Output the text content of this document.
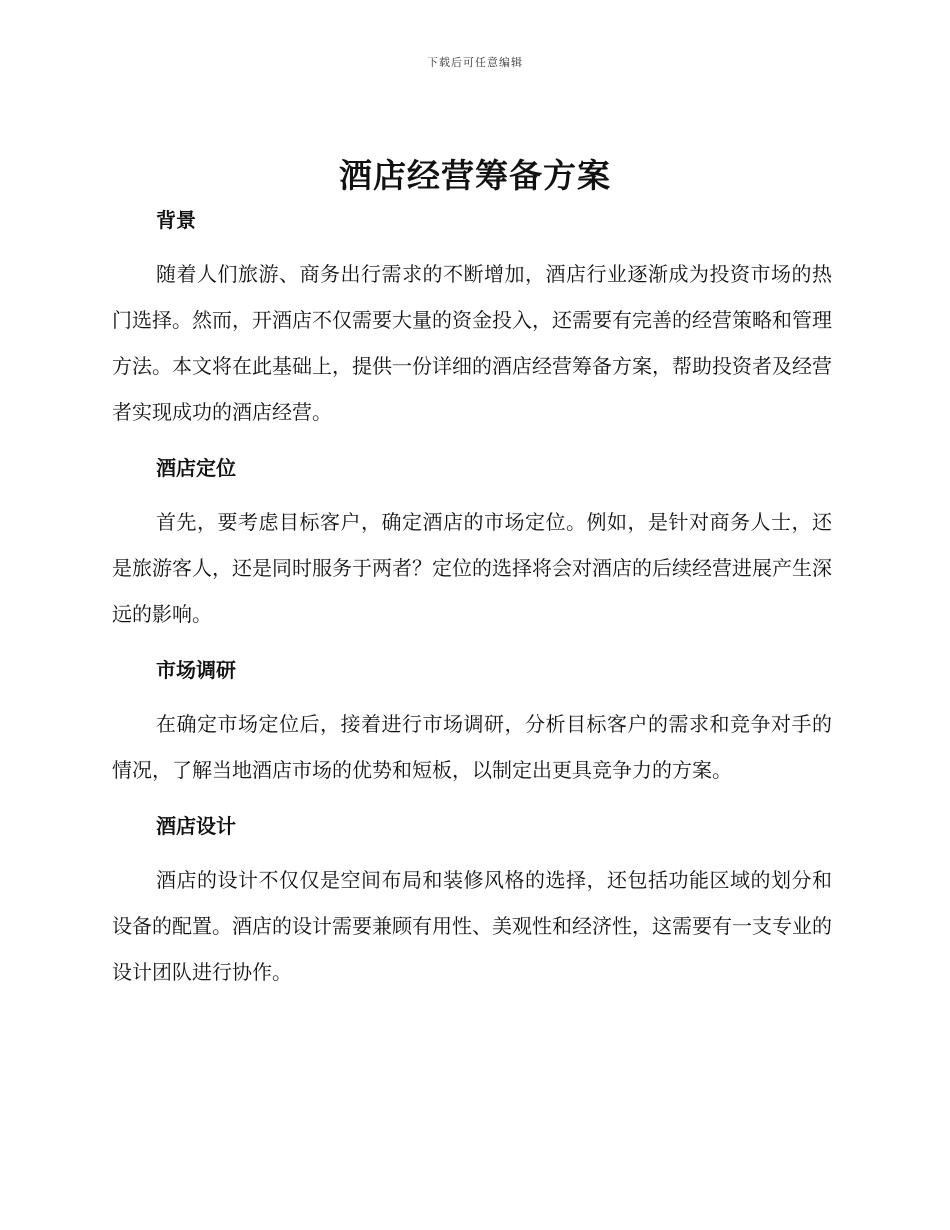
下载后可任意编辑
酒店经营筹备方案
背景

随着人们旅游、商务出行需求的不断增加，酒店行业逐渐成为投资市场的热门选择。然而，开酒店不仅需要大量的资金投入，还需要有完善的经营策略和管理方法。本文将在此基础上，提供一份详细的酒店经营筹备方案，帮助投资者及经营者实现成功的酒店经营。

酒店定位

首先，要考虑目标客户，确定酒店的市场定位。例如，是针对商务人士，还是旅游客人，还是同时服务于两者？定位的选择将会对酒店的后续经营进展产生深远的影响。

市场调研

在确定市场定位后，接着进行市场调研，分析目标客户的需求和竞争对手的情况，了解当地酒店市场的优势和短板，以制定出更具竞争力的方案。

酒店设计

酒店的设计不仅仅是空间布局和装修风格的选择，还包括功能区域的划分和设备的配置。酒店的设计需要兼顾有用性、美观性和经济性，这需要有一支专业的设计团队进行协作。
